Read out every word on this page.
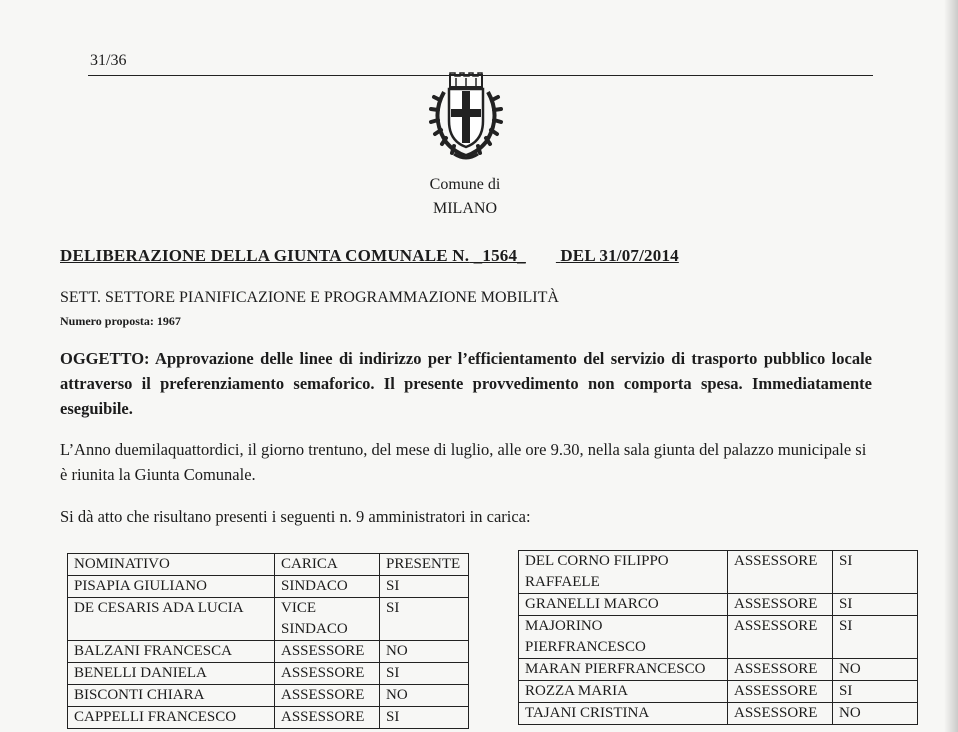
31/36
Comune di
MILANO
DELIBERAZIONE DELLA GIUNTA COMUNALE N. _1564_ DEL 31/07/2014
SETT. SETTORE PIANIFICAZIONE E PROGRAMMAZIONE MOBILITÀ
Numero proposta: 1967
OGGETTO: Approvazione delle linee di indirizzo per l’efficientamento del servizio di trasporto pubblico locale attraverso il preferenziamento semaforico. Il presente provvedimento non comporta spesa. Immediatamente eseguibile.
L’Anno duemilaquattordici, il giorno trentuno, del mese di luglio, alle ore 9.30, nella sala giunta del palazzo municipale si è riunita la Giunta Comunale.
Si dà atto che risultano presenti i seguenti n. 9 amministratori in carica:
NOMINATIVO	CARICA	PRESENTE
PISAPIA GIULIANO	SINDACO	SI
DE CESARIS ADA LUCIA	VICE SINDACO	SI
BALZANI FRANCESCA	ASSESSORE	NO
BENELLI DANIELA	ASSESSORE	SI
BISCONTI CHIARA	ASSESSORE	NO
CAPPELLI FRANCESCO	ASSESSORE	SI
DEL CORNO FILIPPO RAFFAELE	ASSESSORE	SI
GRANELLI MARCO	ASSESSORE	SI
MAJORINO PIERFRANCESCO	ASSESSORE	SI
MARAN PIERFRANCESCO	ASSESSORE	NO
ROZZA MARIA	ASSESSORE	SI
TAJANI CRISTINA	ASSESSORE	NO
